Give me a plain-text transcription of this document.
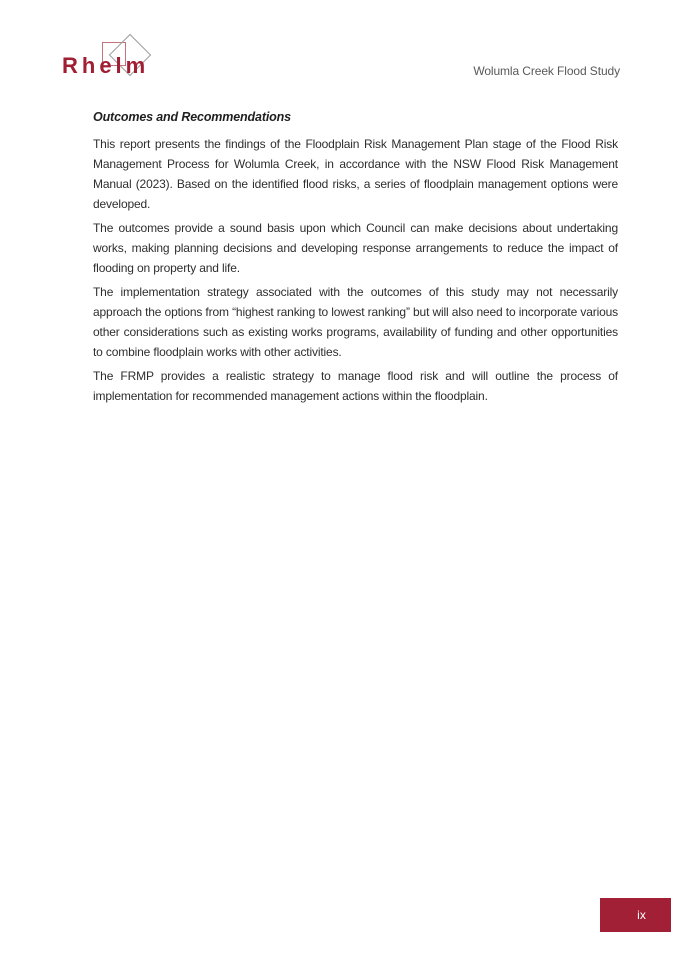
Rhelm	Wolumla Creek Flood Study
Outcomes and Recommendations

This report presents the findings of the Floodplain Risk Management Plan stage of the Flood Risk Management Process for Wolumla Creek, in accordance with the NSW Flood Risk Management Manual (2023). Based on the identified flood risks, a series of floodplain management options were developed.

The outcomes provide a sound basis upon which Council can make decisions about undertaking works, making planning decisions and developing response arrangements to reduce the impact of flooding on property and life.

The implementation strategy associated with the outcomes of this study may not necessarily approach the options from “highest ranking to lowest ranking” but will also need to incorporate various other considerations such as existing works programs, availability of funding and other opportunities to combine floodplain works with other activities.

The FRMP provides a realistic strategy to manage flood risk and will outline the process of implementation for recommended management actions within the floodplain.

ix
